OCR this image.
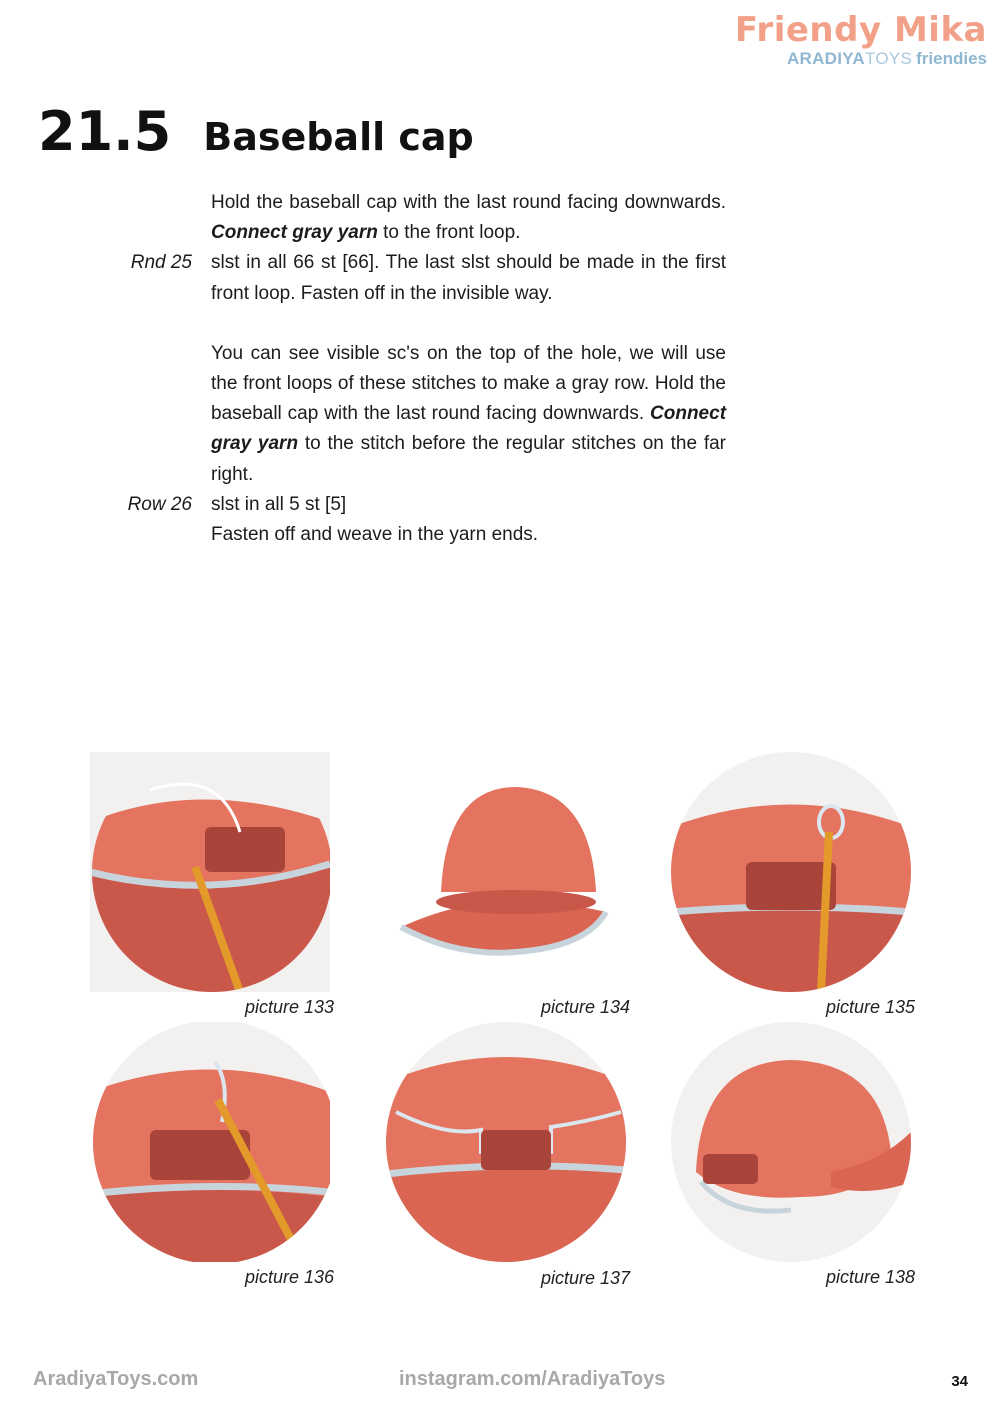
Friendy Mika
ARADIYATOYS friendies
21.5 Baseball cap
Hold the baseball cap with the last round facing downwards. Connect gray yarn to the front loop.
Rnd 25	slst in all 66 st [66]. The last slst should be made in the first front loop. Fasten off in the invisible way.
You can see visible sc's on the top of the hole, we will use the front loops of these stitches to make a gray row. Hold the baseball cap with the last round facing downwards. Connect gray yarn to the stitch before the regular stitches on the far right.
Row 26	slst in all 5 st [5]
Fasten off and weave in the yarn ends.
picture 133	picture 134	picture 135
picture 136	picture 137	picture 138
AradiyaToys.com	instagram.com/AradiyaToys	34
